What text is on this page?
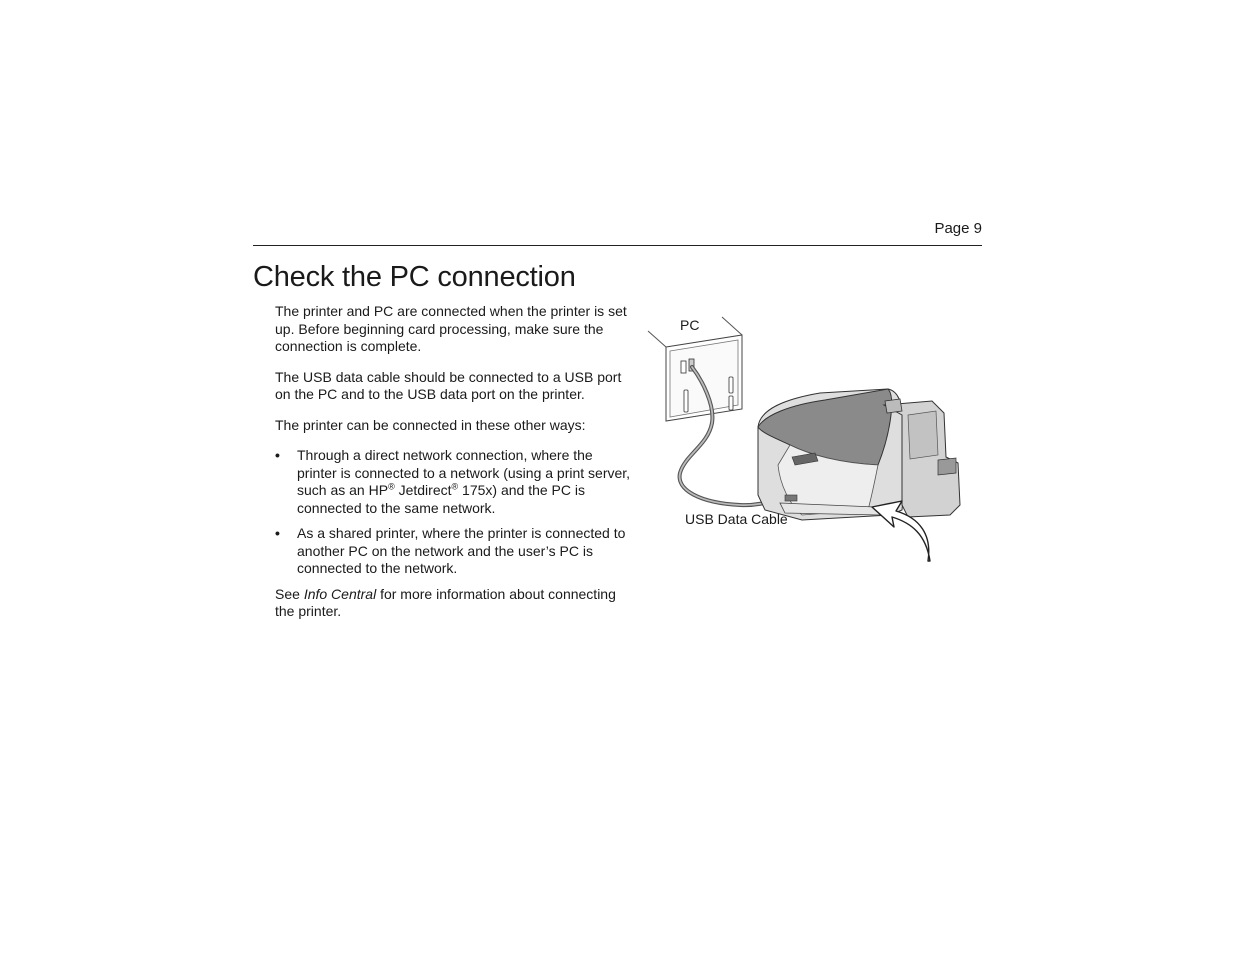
Page 9
Check the PC connection

The printer and PC are connected when the printer is set up. Before beginning card processing, make sure the connection is complete.

The USB data cable should be connected to a USB port on the PC and to the USB data port on the printer.

The printer can be connected in these other ways:

• Through a direct network connection, where the printer is connected to a network (using a print server, such as an HP® Jetdirect® 175x) and the PC is connected to the same network.
• As a shared printer, where the printer is connected to another PC on the network and the user’s PC is connected to the network.

See Info Central for more information about connecting the printer.

PC
USB Data Cable
